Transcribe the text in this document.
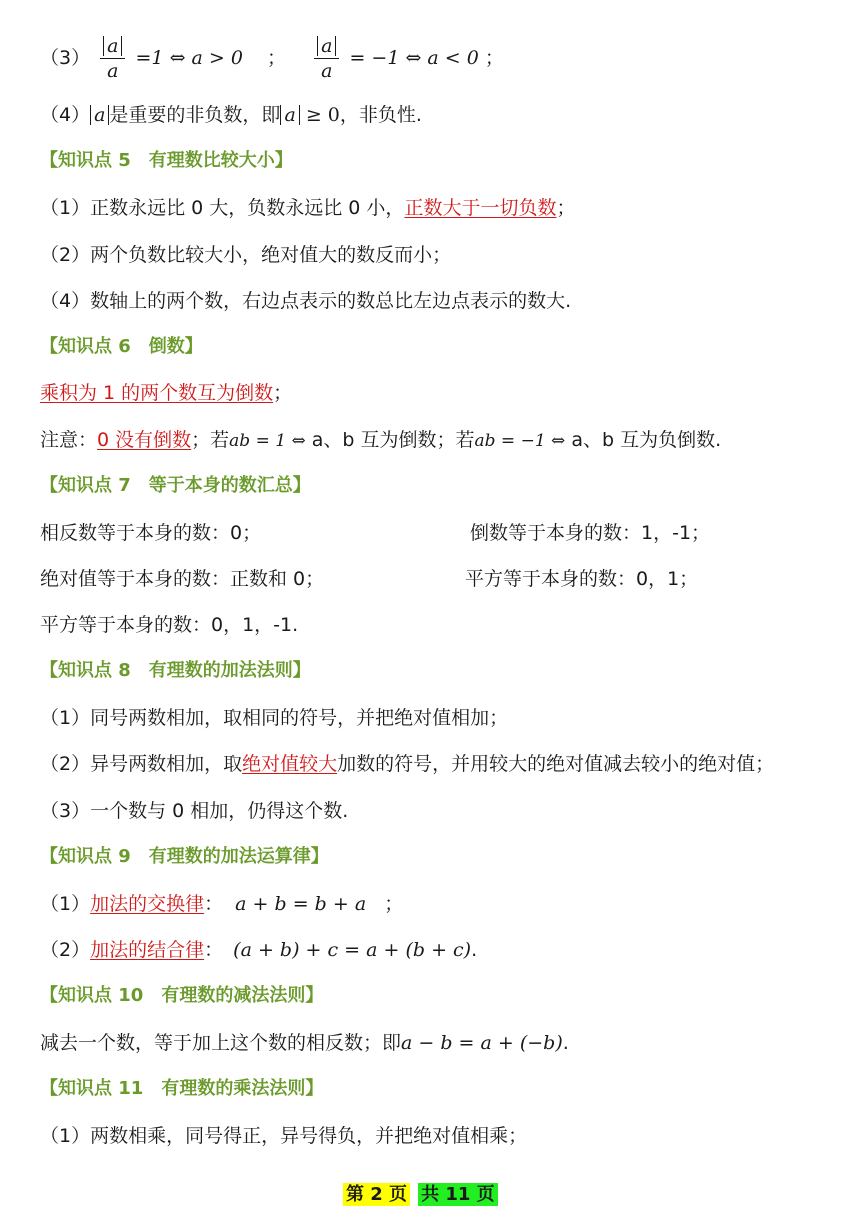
$(3) \frac{a}{a} =1$ ⇔ a > 0 ； $\frac{a}{a} = -1$ ⇔ a < 0 ；
（4） a 是重要的非负数，即 a ≥ 0，非负性.
【知识点 5 有理数比较大小】
（1）正数永远比 0 大，负数永远比 0 小，正数大于一切负数；
（2）两个负数比较大小，绝对值大的数反而小；
（4）数轴上的两个数，右边点表示的数总比左边点表示的数大.
【知识点 6 倒数】
乘积为 1 的两个数互为倒数；
注意：0 没有倒数；若ab = 1 ⇔ a、b 互为倒数；若ab = −1 ⇔ a、b 互为负倒数.
【知识点 7 等于本身的数汇总】
相反数等于本身的数：0；	倒数等于本身的数：1，-1；
绝对值等于本身的数：正数和 0；	平方等于本身的数：0，1；
平方等于本身的数：0，1，-1.
【知识点 8 有理数的加法法则】
（1）同号两数相加，取相同的符号，并把绝对值相加；
（2）异号两数相加，取绝对值较大加数的符号，并用较大的绝对值减去较小的绝对值；
（3）一个数与 0 相加，仍得这个数.
【知识点 9 有理数的加法运算律】
（1）加法的交换律： a + b = b + a ；
（2）加法的结合律： (a + b) + c = a + (b + c).
【知识点 10 有理数的减法法则】
减去一个数，等于加上这个数的相反数；即a − b = a + (−b).
【知识点 11 有理数的乘法法则】
（1）两数相乘，同号得正，异号得负，并把绝对值相乘；
第 2 页 共 11 页
